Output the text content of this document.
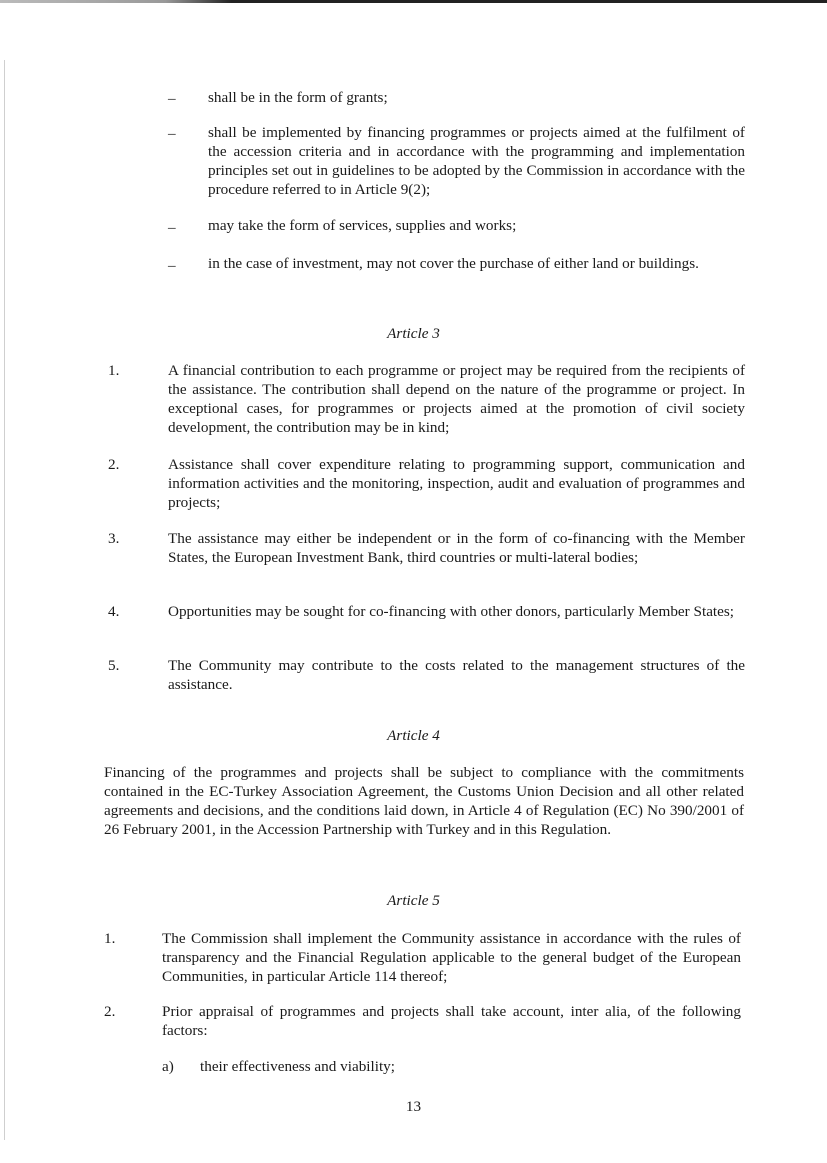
– shall be in the form of grants;
– shall be implemented by financing programmes or projects aimed at the fulfilment of the accession criteria and in accordance with the programming and implementation principles set out in guidelines to be adopted by the Commission in accordance with the procedure referred to in Article 9(2);
– may take the form of services, supplies and works;
– in the case of investment, may not cover the purchase of either land or buildings.
Article 3
1.	A financial contribution to each programme or project may be required from the recipients of the assistance. The contribution shall depend on the nature of the programme or project. In exceptional cases, for programmes or projects aimed at the promotion of civil society development, the contribution may be in kind;
2.	Assistance shall cover expenditure relating to programming support, communication and information activities and the monitoring, inspection, audit and evaluation of programmes and projects;
3.	The assistance may either be independent or in the form of co-financing with the Member States, the European Investment Bank, third countries or multi-lateral bodies;
4.	Opportunities may be sought for co-financing with other donors, particularly Member States;
5.	The Community may contribute to the costs related to the management structures of the assistance.
Article 4
Financing of the programmes and projects shall be subject to compliance with the commitments contained in the EC-Turkey Association Agreement, the Customs Union Decision and all other related agreements and decisions, and the conditions laid down, in Article 4 of Regulation (EC) No 390/2001 of 26 February 2001, in the Accession Partnership with Turkey and in this Regulation.
Article 5
1.	The Commission shall implement the Community assistance in accordance with the rules of transparency and the Financial Regulation applicable to the general budget of the European Communities, in particular Article 114 thereof;
2.	Prior appraisal of programmes and projects shall take account, inter alia, of the following factors:
a) their effectiveness and viability;
13
